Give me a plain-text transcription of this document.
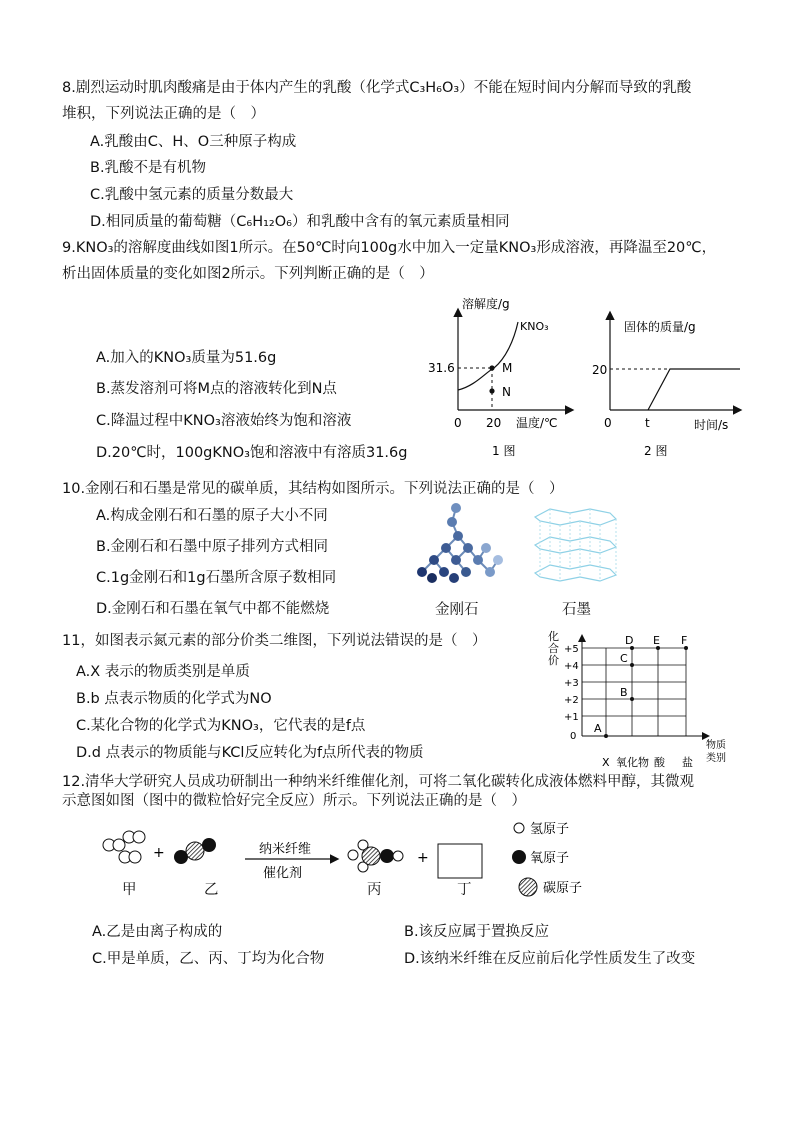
8.剧烈运动时肌肉酸痛是由于体内产生的乳酸（化学式C₃H₆O₃）不能在短时间内分解而导致的乳酸
堆积，下列说法正确的是（　）
A.乳酸由C、H、O三种原子构成
B.乳酸不是有机物
C.乳酸中氢元素的质量分数最大
D.相同质量的葡萄糖（C₆H₁₂O₆）和乳酸中含有的氧元素质量相同
9.KNO₃的溶解度曲线如图1所示。在50℃时向100g水中加入一定量KNO₃形成溶液，再降温至20℃，
析出固体质量的变化如图2所示。下列判断正确的是（　）
A.加入的KNO₃质量为51.6g
B.蒸发溶剂可将M点的溶液转化到N点
C.降温过程中KNO₃溶液始终为饱和溶液
D.20℃时，100gKNO₃饱和溶液中有溶质31.6g
溶解度/g
KNO₃
M
N
31.6
0 20 温度/℃
1 图
固体的质量/g
20
0	t	时间/s
2 图
10.金刚石和石墨是常见的碳单质，其结构如图所示。下列说法正确的是（　）
A.构成金刚石和石墨的原子大小不同
B.金刚石和石墨中原子排列方式相同
C.1g金刚石和1g石墨所含原子数相同
D.金刚石和石墨在氧气中都不能燃烧	金刚石	石墨
11，如图表示氮元素的部分价类二维图，下列说法错误的是（　）
A.X 表示的物质类别是单质
B.b 点表示物质的化学式为NO
C.某化合物的化学式为KNO₃，它代表的是f点
D.d 点表示的物质能与KCl反应转化为f点所代表的物质
化
合
价
+5
+4
+3
+2
+1
0
X 氧化物 酸 盐
物质
类别
A
B
C
D E F
12.清华大学研究人员成功研制出一种纳米纤维催化剂，可将二氧化碳转化成液体燃料甲醇，其微观
示意图如图（图中的微粒恰好完全反应）所示。下列说法正确的是（　）
+	纳米纤维
催化剂
+
氢原子
氧原子
碳原子
甲	乙	丙	丁
A.乙是由离子构成的	B.该反应属于置换反应
C.甲是单质，乙、丙、丁均为化合物	D.该纳米纤维在反应前后化学性质发生了改变
